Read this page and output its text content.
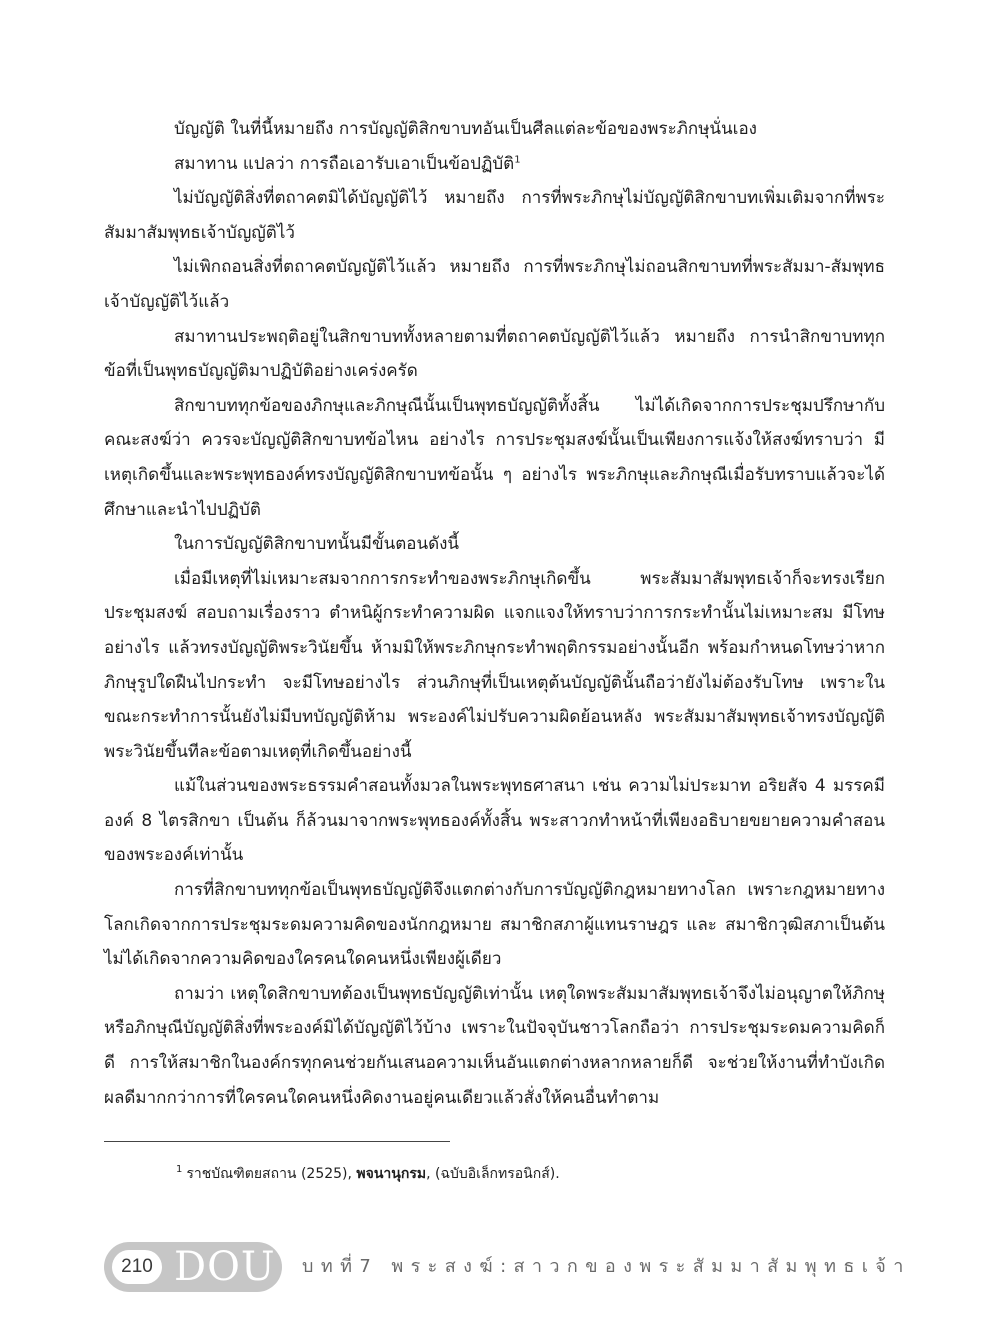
บัญญัติ ในที่นี้หมายถึง การบัญญัติสิกขาบทอันเป็นศีลแต่ละข้อของพระภิกษุนั่นเอง

สมาทาน แปลว่า การถือเอารับเอาเป็นข้อปฏิบัติ$^1$

ไม่บัญญัติสิ่งที่ตถาคตมิได้บัญญัติไว้ หมายถึง การที่พระภิกษุไม่บัญญัติสิกขาบทเพิ่มเติมจากที่พระสัมมาสัมพุทธเจ้าบัญญัติไว้

ไม่เพิกถอนสิ่งที่ตถาคตบัญญัติไว้แล้ว หมายถึง การที่พระภิกษุไม่ถอนสิกขาบทที่พระสัมมา-สัมพุทธเจ้าบัญญัติไว้แล้ว

สมาทานประพฤติอยู่ในสิกขาบททั้งหลายตามที่ตถาคตบัญญัติไว้แล้ว หมายถึง การนำสิกขาบททุกข้อที่เป็นพุทธบัญญัติมาปฏิบัติอย่างเคร่งครัด

สิกขาบททุกข้อของภิกษุและภิกษุณีนั้นเป็นพุทธบัญญัติทั้งสิ้น ไม่ได้เกิดจากการประชุมปรึกษากับคณะสงฆ์ว่า ควรจะบัญญัติสิกขาบทข้อไหน อย่างไร การประชุมสงฆ์นั้นเป็นเพียงการแจ้งให้สงฆ์ทราบว่า มีเหตุเกิดขึ้นและพระพุทธองค์ทรงบัญญัติสิกขาบทข้อนั้น ๆ อย่างไร พระภิกษุและภิกษุณีเมื่อรับทราบแล้วจะได้ศึกษาและนำไปปฏิบัติ

ในการบัญญัติสิกขาบทนั้นมีขั้นตอนดังนี้

เมื่อมีเหตุที่ไม่เหมาะสมจากการกระทำของพระภิกษุเกิดขึ้น พระสัมมาสัมพุทธเจ้าก็จะทรงเรียกประชุมสงฆ์ สอบถามเรื่องราว ตำหนิผู้กระทำความผิด แจกแจงให้ทราบว่าการกระทำนั้นไม่เหมาะสม มีโทษอย่างไร แล้วทรงบัญญัติพระวินัยขึ้น ห้ามมิให้พระภิกษุกระทำพฤติกรรมอย่างนั้นอีก พร้อมกำหนดโทษว่าหากภิกษุรูปใดฝืนไปกระทำ จะมีโทษอย่างไร ส่วนภิกษุที่เป็นเหตุต้นบัญญัตินั้นถือว่ายังไม่ต้องรับโทษ เพราะในขณะกระทำการนั้นยังไม่มีบทบัญญัติห้าม พระองค์ไม่ปรับความผิดย้อนหลัง พระสัมมาสัมพุทธเจ้าทรงบัญญัติพระวินัยขึ้นทีละข้อตามเหตุที่เกิดขึ้นอย่างนี้

แม้ในส่วนของพระธรรมคำสอนทั้งมวลในพระพุทธศาสนา เช่น ความไม่ประมาท อริยสัจ 4 มรรคมีองค์ 8 ไตรสิกขา เป็นต้น ก็ล้วนมาจากพระพุทธองค์ทั้งสิ้น พระสาวกทำหน้าที่เพียงอธิบายขยายความคำสอนของพระองค์เท่านั้น

การที่สิกขาบททุกข้อเป็นพุทธบัญญัติจึงแตกต่างกับการบัญญัติกฎหมายทางโลก เพราะกฎหมายทางโลกเกิดจากการประชุมระดมความคิดของนักกฎหมาย สมาชิกสภาผู้แทนราษฎร และ สมาชิกวุฒิสภาเป็นต้น ไม่ได้เกิดจากความคิดของใครคนใดคนหนึ่งเพียงผู้เดียว

ถามว่า เหตุใดสิกขาบทต้องเป็นพุทธบัญญัติเท่านั้น เหตุใดพระสัมมาสัมพุทธเจ้าจึงไม่อนุญาตให้ภิกษุหรือภิกษุณีบัญญัติสิ่งที่พระองค์มิได้บัญญัติไว้บ้าง เพราะในปัจจุบันชาวโลกถือว่า การประชุมระดมความคิดก็ดี การให้สมาชิกในองค์กรทุกคนช่วยกันเสนอความเห็นอันแตกต่างหลากหลายก็ดี จะช่วยให้งานที่ทำบังเกิดผลดีมากกว่าการที่ใครคนใดคนหนึ่งคิดงานอยู่คนเดียวแล้วสั่งให้คนอื่นทำตาม

$^1$ ราชบัณฑิตยสถาน (2525), พจนานุกรม, (ฉบับอิเล็กทรอนิกส์).
210 DOU บทที่7 พระสงฆ์:สาวกของพระสัมมาสัมพุทธเจ้า
